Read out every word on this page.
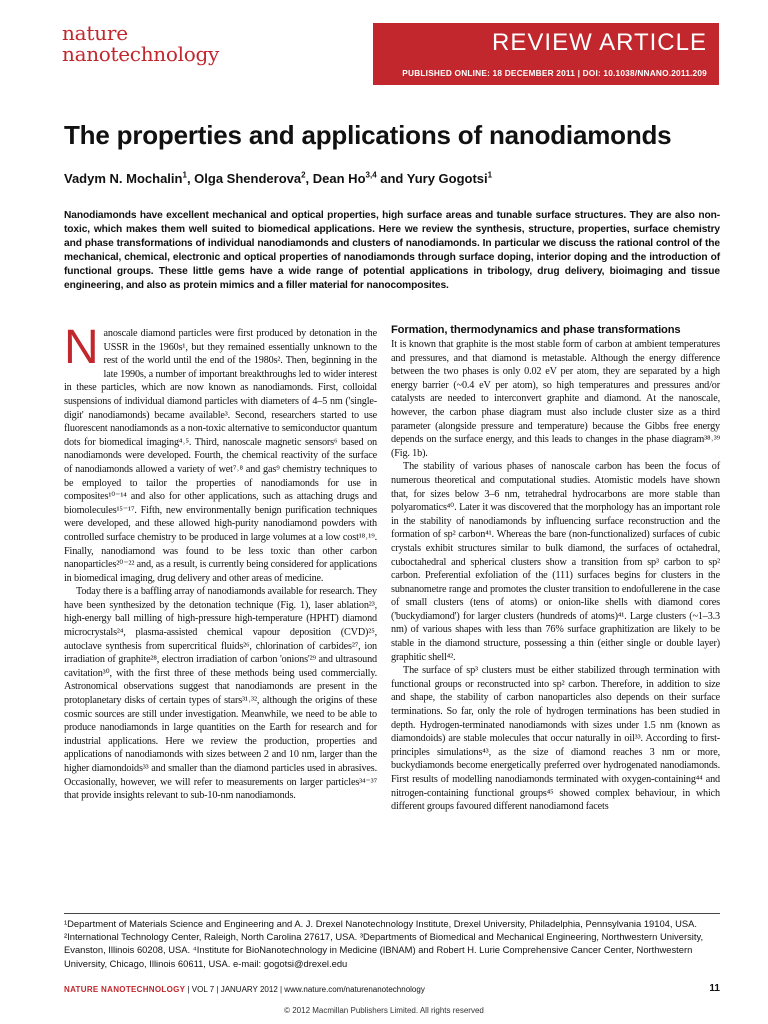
nature
nanotechnology	REVIEW ARTICLE
PUBLISHED ONLINE: 18 DECEMBER 2011 | DOI: 10.1038/NNANO.2011.209
The properties and applications of nanodiamonds

Vadym N. Mochalin$^1$, Olga Shenderova$^2$, Dean Ho$^{3,4}$ and Yury Gogotsi$^1$

Nanodiamonds have excellent mechanical and optical properties, high surface areas and tunable surface structures. They are also non-toxic, which makes them well suited to biomedical applications. Here we review the synthesis, structure, properties, surface chemistry and phase transformations of individual nanodiamonds and clusters of nanodiamonds. In particular we discuss the rational control of the mechanical, chemical, electronic and optical properties of nanodiamonds through surface doping, interior doping and the introduction of functional groups. These little gems have a wide range of potential applications in tribology, drug delivery, bioimaging and tissue engineering, and also as protein mimics and a filler material for nanocomposites.

Nanoscale diamond particles were first produced by detonation in the USSR in the 1960s¹, but they remained essentially unknown to the rest of the world until the end of the 1980s². Then, beginning in the late 1990s, a number of important breakthroughs led to wider interest in these particles, which are now known as nanodiamonds. First, colloidal suspensions of individual diamond particles with diameters of 4–5 nm ('single-digit' nanodiamonds) became available³. Second, researchers started to use fluorescent nanodiamonds as a non-toxic alternative to semiconductor quantum dots for biomedical imaging⁴˒⁵. Third, nanoscale magnetic sensors⁶ based on nanodiamonds were developed. Fourth, the chemical reactivity of the surface of nanodiamonds allowed a variety of wet⁷˒⁸ and gas⁹ chemistry techniques to be employed to tailor the properties of nanodiamonds for use in composites¹⁰⁻¹⁴ and also for other applications, such as attaching drugs and biomolecules¹⁵⁻¹⁷. Fifth, new environmentally benign purification techniques were developed, and these allowed high-purity nanodiamond powders with controlled surface chemistry to be produced in large volumes at a low cost¹⁸˒¹⁹. Finally, nanodiamond was found to be less toxic than other carbon nanoparticles²⁰⁻²² and, as a result, is currently being considered for applications in biomedical imaging, drug delivery and other areas of medicine.

Today there is a baffling array of nanodiamonds available for research. They have been synthesized by the detonation technique (Fig. 1), laser ablation²³, high-energy ball milling of high-pressure high-temperature (HPHT) diamond microcrystals²⁴, plasma-assisted chemical vapour deposition (CVD)²⁵, autoclave synthesis from supercritical fluids²⁶, chlorination of carbides²⁷, ion irradiation of graphite²⁸, electron irradiation of carbon 'onions'²⁹ and ultrasound cavitation³⁰, with the first three of these methods being used commercially. Astronomical observations suggest that nanodiamonds are present in the protoplanetary disks of certain types of stars³¹˒³², although the origins of these cosmic sources are still under investigation. Meanwhile, we need to be able to produce nanodiamonds in large quantities on the Earth for research and for industrial applications. Here we review the production, properties and applications of nanodiamonds with sizes between 2 and 10 nm, larger than the higher diamondoids³³ and smaller than the diamond particles used in abrasives. Occasionally, however, we will refer to measurements on larger particles³⁴⁻³⁷ that provide insights relevant to sub-10-nm nanodiamonds.

Formation, thermodynamics and phase transformations

It is known that graphite is the most stable form of carbon at ambient temperatures and pressures, and that diamond is metastable. Although the energy difference between the two phases is only 0.02 eV per atom, they are separated by a high energy barrier (~0.4 eV per atom), so high temperatures and pressures and/or catalysts are needed to interconvert graphite and diamond. At the nanoscale, however, the carbon phase diagram must also include cluster size as a third parameter (alongside pressure and temperature) because the Gibbs free energy depends on the surface energy, and this leads to changes in the phase diagram³⁸˒³⁹ (Fig. 1b).

The stability of various phases of nanoscale carbon has been the focus of numerous theoretical and computational studies. Atomistic models have shown that, for sizes below 3–6 nm, tetrahedral hydrocarbons are more stable than polyaromatics⁴⁰. Later it was discovered that the morphology has an important role in the stability of nanodiamonds by influencing surface reconstruction and the formation of sp² carbon⁴¹. Whereas the bare (non-functionalized) surfaces of cubic crystals exhibit structures similar to bulk diamond, the surfaces of octahedral, cuboctahedral and spherical clusters show a transition from sp³ carbon to sp² carbon. Preferential exfoliation of the (111) surfaces begins for clusters in the subnanometre range and promotes the cluster transition to endofullerene in the case of small clusters (tens of atoms) or onion-like shells with diamond cores ('buckydiamond') for larger clusters (hundreds of atoms)⁴¹. Large clusters (~1–3.3 nm) of various shapes with less than 76% surface graphitization are likely to be stable in the diamond structure, possessing a thin (either single or double layer) graphitic shell⁴².

The surface of sp³ clusters must be either stabilized through termination with functional groups or reconstructed into sp² carbon. Therefore, in addition to size and shape, the stability of carbon nanoparticles also depends on their surface terminations. So far, only the role of hydrogen terminations has been studied in depth. Hydrogen-terminated nanodiamonds with sizes under 1.5 nm (known as diamondoids) are stable molecules that occur naturally in oil³³. According to first-principles simulations⁴³, as the size of diamond reaches 3 nm or more, buckydiamonds become energetically preferred over hydrogenated nanodiamonds. First results of modelling nanodiamonds terminated with oxygen-containing⁴⁴ and nitrogen-containing functional groups⁴⁵ showed complex behaviour, in which different groups favoured different nanodiamond facets

¹Department of Materials Science and Engineering and A. J. Drexel Nanotechnology Institute, Drexel University, Philadelphia, Pennsylvania 19104, USA. ²International Technology Center, Raleigh, North Carolina 27617, USA. ³Departments of Biomedical and Mechanical Engineering, Northwestern University, Evanston, Illinois 60208, USA. ⁴Institute for BioNanotechnology in Medicine (IBNAM) and Robert H. Lurie Comprehensive Cancer Center, Northwestern University, Chicago, Illinois 60611, USA. e-mail: gogotsi@drexel.edu

NATURE NANOTECHNOLOGY | VOL 7 | JANUARY 2012 | www.nature.com/naturenanotechnology	11
© 2012 Macmillan Publishers Limited. All rights reserved
